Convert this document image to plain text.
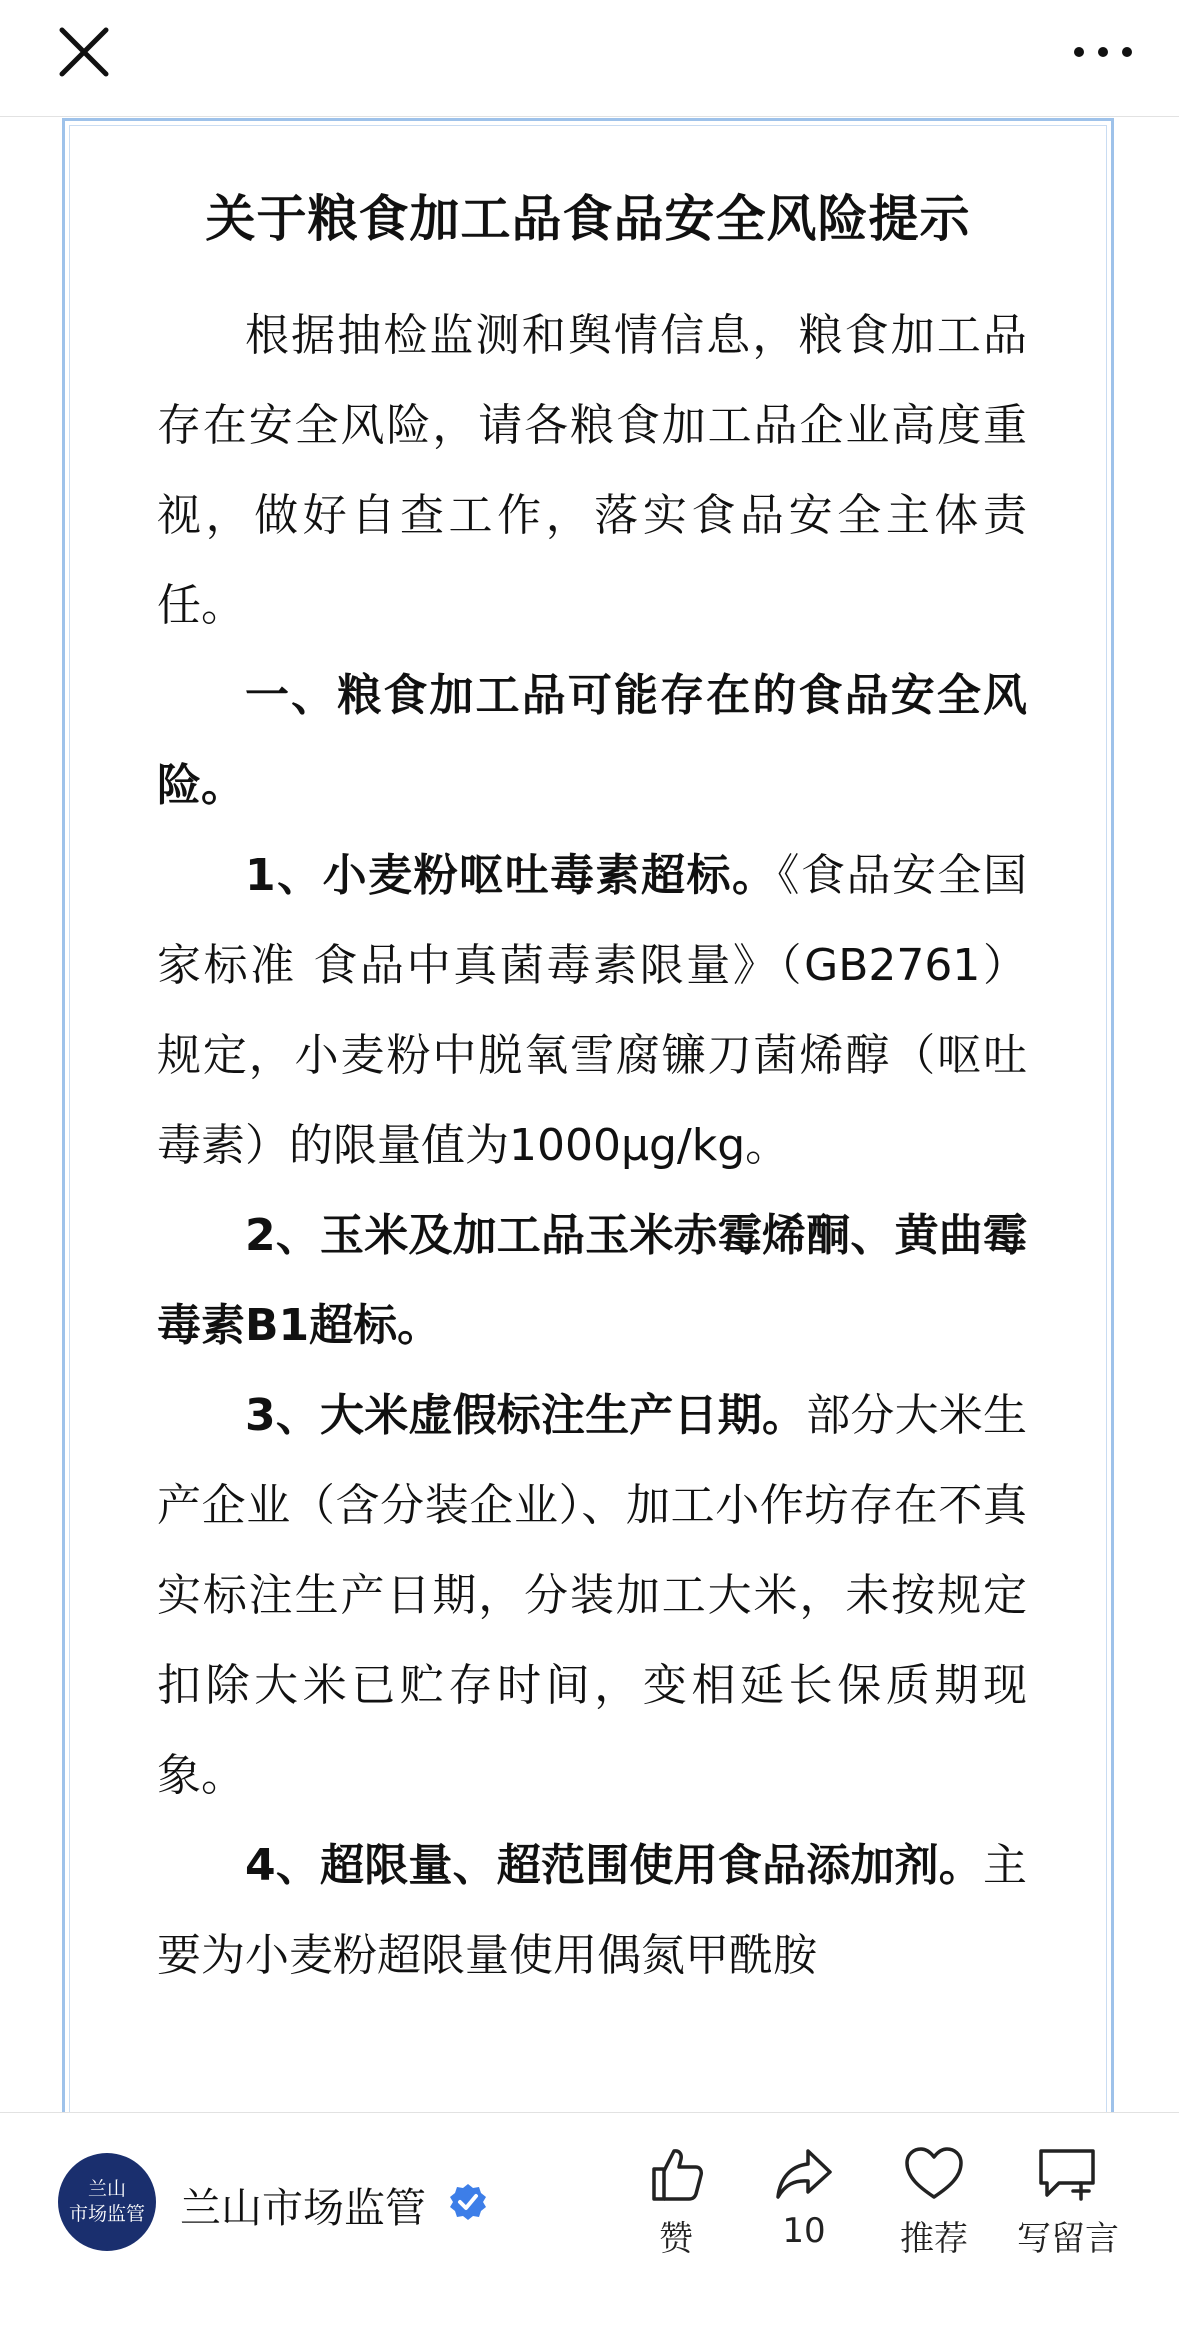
关于粮食加工品食品安全风险提示

根据抽检监测和舆情信息，粮食加工品存在安全风险，请各粮食加工品企业高度重视，做好自查工作，落实食品安全主体责任。

一、粮食加工品可能存在的食品安全风险。

1、小麦粉呕吐毒素超标。《食品安全国家标准 食品中真菌毒素限量》（GB2761）规定，小麦粉中脱氧雪腐镰刀菌烯醇（呕吐毒素）的限量值为1000μg/kg。

2、玉米及加工品玉米赤霉烯酮、黄曲霉毒素B1超标。

3、大米虚假标注生产日期。部分大米生产企业（含分装企业）、加工小作坊存在不真实标注生产日期，分装加工大米，未按规定扣除大米已贮存时间，变相延长保质期现象。

4、超限量、超范围使用食品添加剂。主要为小麦粉超限量使用偶氮甲酰胺

兰山
市场监管 兰山市场监管
赞	10	推荐	写留言
